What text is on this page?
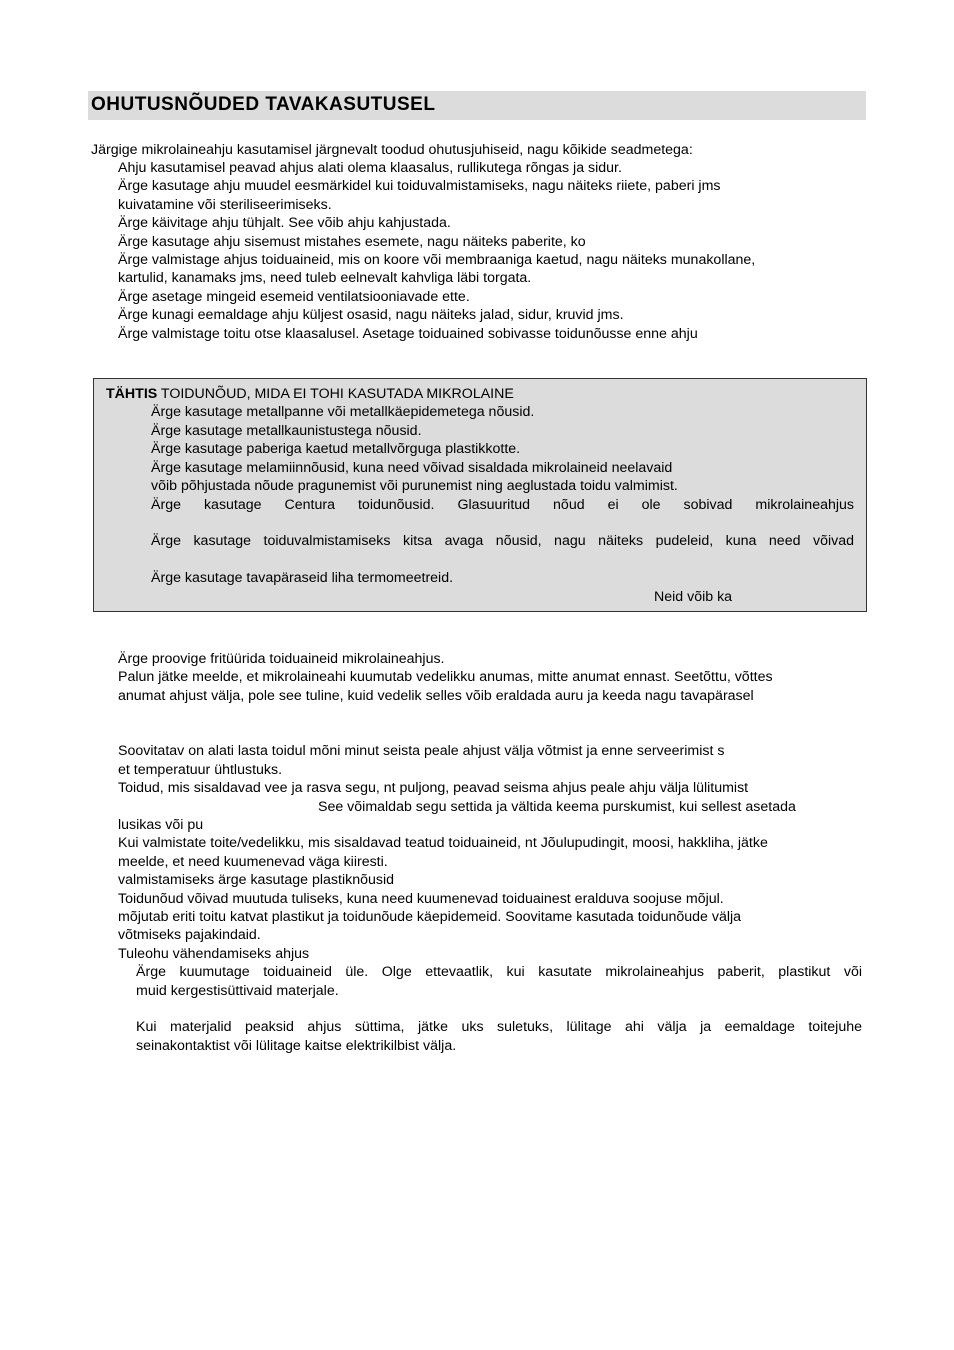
OHUTUSNÕUDED TAVAKASUTUSEL
Järgige mikrolaineahju kasutamisel järgnevalt toodud ohutusjuhiseid, nagu kõikide seadmetega:
Ahju kasutamisel peavad ahjus alati olema klaasalus, rullikutega rõngas ja sidur.
Ärge kasutage ahju muudel eesmärkidel kui toiduvalmistamiseks, nagu näiteks riiete, paberi jms
kuivatamine või steriliseerimiseks.
Ärge käivitage ahju tühjalt. See võib ahju kahjustada.
Ärge kasutage ahju sisemust mistahes esemete, nagu näiteks paberite, ko
Ärge valmistage ahjus toiduaineid, mis on koore või membraaniga kaetud, nagu näiteks munakollane,
kartulid, kanamaks jms, need tuleb eelnevalt kahvliga läbi torgata.
Ärge asetage mingeid esemeid ventilatsiooniavade ette.
Ärge kunagi eemaldage ahju küljest osasid, nagu näiteks jalad, sidur, kruvid jms.
Ärge valmistage toitu otse klaasalusel. Asetage toiduained sobivasse toidunõusse enne ahju
TÄHTIS TOIDUNÕUD, MIDA EI TOHI KASUTADA MIKROLAINE
Ärge kasutage metallpanne või metallkäepidemetega nõusid.
Ärge kasutage metallkaunistustega nõusid.
Ärge kasutage paberiga kaetud metallvõrguga plastikkotte.
Ärge kasutage melamiinnõusid, kuna need võivad sisaldada mikrolaineid neelavaid
võib põhjustada nõude pragunemist või purunemist ning aeglustada toidu valmimist.
Ärge kasutage Centura toidunõusid. Glasuuritud nõud ei ole sobivad mikrolaineahjus
Ärge kasutage toiduvalmistamiseks kitsa avaga nõusid, nagu näiteks pudeleid, kuna need võivad
Ärge kasutage tavapäraseid liha termomeetreid.
Neid võib ka
Ärge proovige fritüürida toiduaineid mikrolaineahjus.
Palun jätke meelde, et mikrolaineahi kuumutab vedelikku anumas, mitte anumat ennast. Seetõttu, võttes
anumat ahjust välja, pole see tuline, kuid vedelik selles võib eraldada auru ja keeda nagu tavapärasel
Soovitatav on alati lasta toidul mõni minut seista peale ahjust välja võtmist ja enne serveerimist s
et temperatuur ühtlustuks.
Toidud, mis sisaldavad vee ja rasva segu, nt puljong, peavad seisma ahjus peale ahju välja lülitumist
See võimaldab segu settida ja vältida keema purskumist, kui sellest asetada
lusikas või pu
Kui valmistate toite/vedelikku, mis sisaldavad teatud toiduaineid, nt Jõulupudingit, moosi, hakkliha, jätke
meelde, et need kuumenevad väga kiiresti.
valmistamiseks ärge kasutage plastiknõusid
Toidunõud võivad muutuda tuliseks, kuna need kuumenevad toiduainest eralduva soojuse mõjul.
mõjutab eriti toitu katvat plastikut ja toidunõude käepidemeid. Soovitame kasutada toidunõude välja
võtmiseks pajakindaid.
Tuleohu vähendamiseks ahjus
Ärge kuumutage toiduaineid üle. Olge ettevaatlik, kui kasutate mikrolaineahjus paberit, plastikut või
muid kergestisüttivaid materjale.
Kui materjalid peaksid ahjus süttima, jätke uks suletuks, lülitage ahi välja ja eemaldage toitejuhe
seinakontaktist või lülitage kaitse elektrikilbist välja.
